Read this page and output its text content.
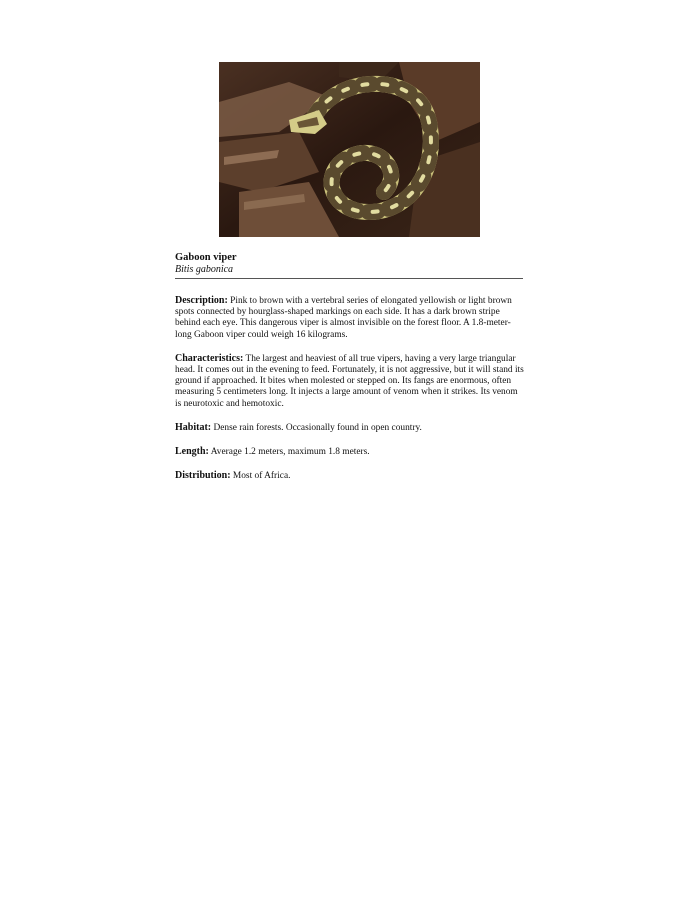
Gaboon viper
Bitis gabonica

Description: Pink to brown with a vertebral series of elongated yellowish or light brown spots connected by hourglass-shaped markings on each side. It has a dark brown stripe behind each eye. This dangerous viper is almost invisible on the forest floor. A 1.8-meter-long Gaboon viper could weigh 16 kilograms.

Characteristics: The largest and heaviest of all true vipers, having a very large triangular head. It comes out in the evening to feed. Fortunately, it is not aggressive, but it will stand its ground if approached. It bites when molested or stepped on. Its fangs are enormous, often measuring 5 centimeters long. It injects a large amount of venom when it strikes. Its venom is neurotoxic and hemotoxic.

Habitat: Dense rain forests. Occasionally found in open country.

Length: Average 1.2 meters, maximum 1.8 meters.

Distribution: Most of Africa.
